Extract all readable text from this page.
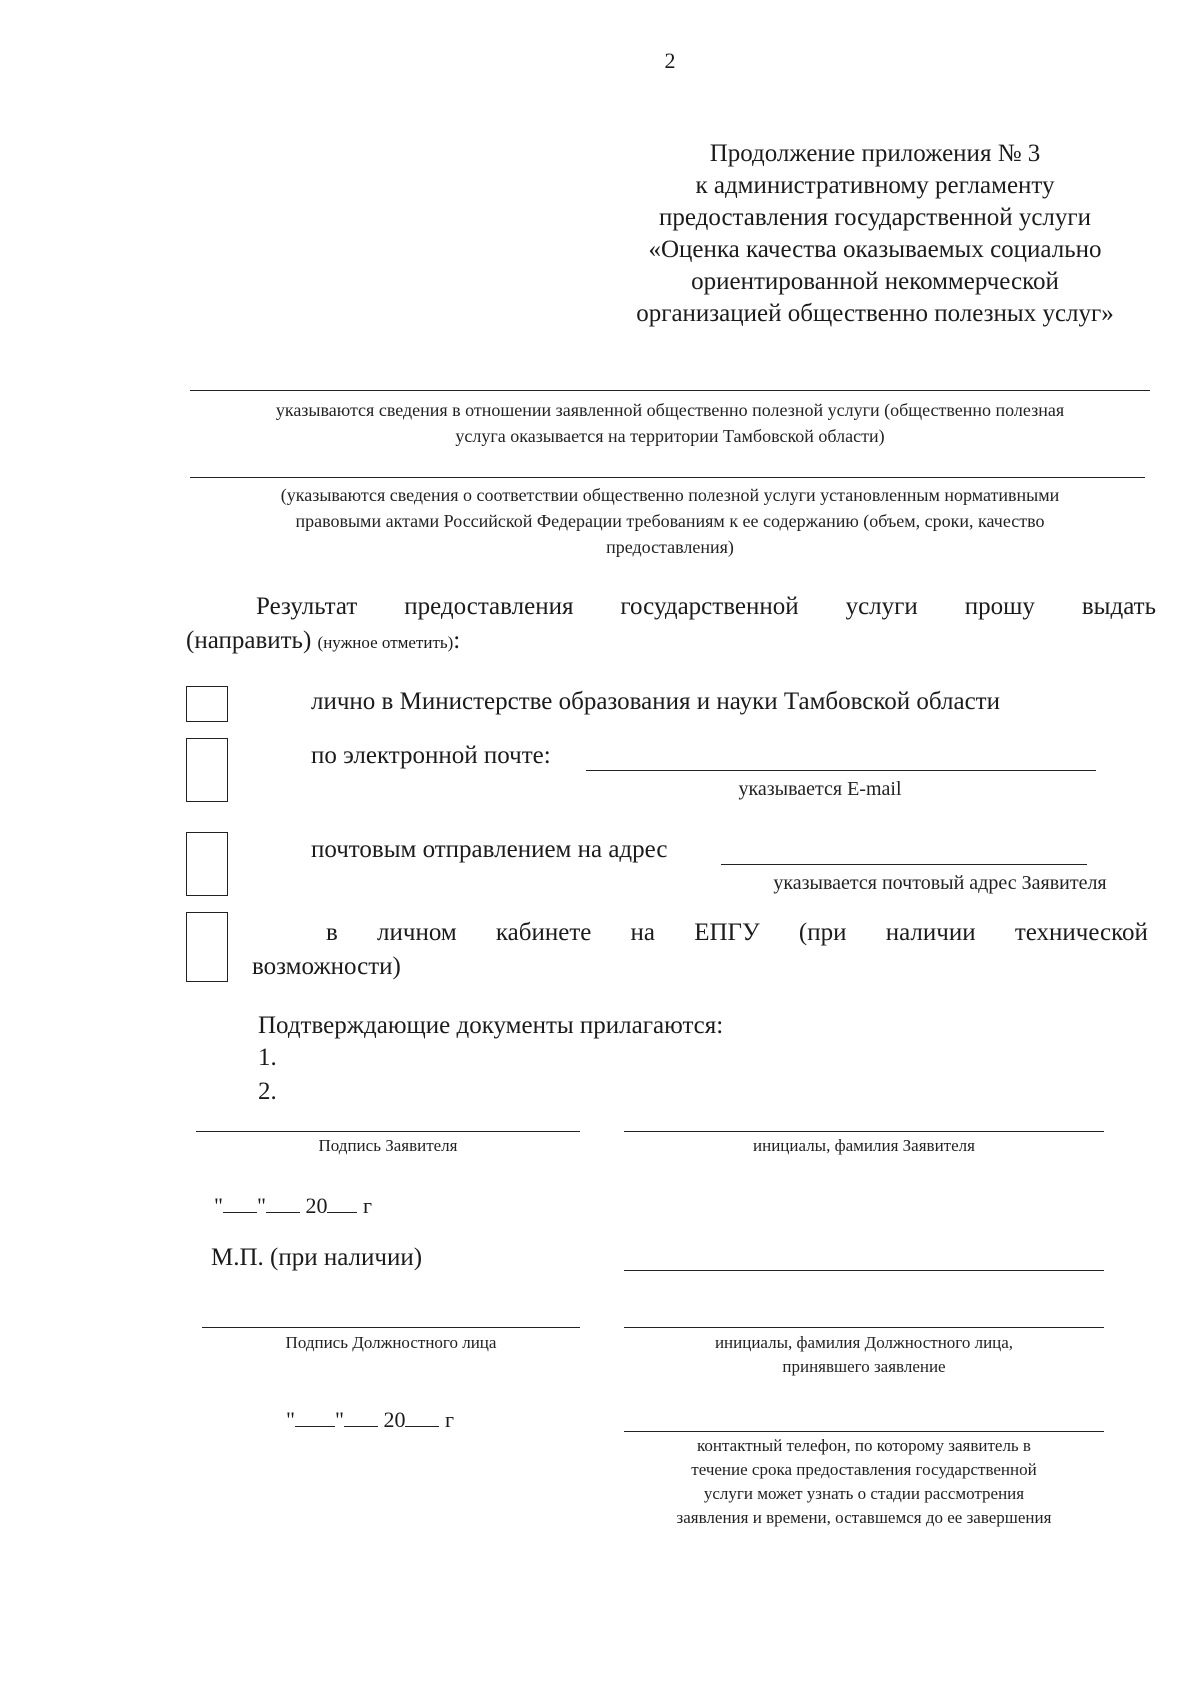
2
Продолжение приложения № 3
к административному регламенту
предоставления государственной услуги
«Оценка качества оказываемых социально
ориентированной некоммерческой
организацией общественно полезных услуг»
указываются сведения в отношении заявленной общественно полезной услуги (общественно полезная
услуга оказывается на территории Тамбовской области)
(указываются сведения о соответствии общественно полезной услуги установленным нормативными
правовыми актами Российской Федерации требованиям к ее содержанию (объем, сроки, качество
предоставления)
Результат предоставления государственной услуги прошу выдать
(направить) (нужное отметить):
лично в Министерстве образования и науки Тамбовской области
по электронной почте:
указывается E-mail
почтовым отправлением на адрес
указывается почтовый адрес Заявителя
в личном кабинете на ЕПГУ (при наличии технической
возможности)
Подтверждающие документы прилагаются:
1.
2.
Подпись Заявителя	инициалы, фамилия Заявителя
" " 20 г
М.П. (при наличии)
Подпись Должностного лица	инициалы, фамилия Должностного лица,
принявшего заявление
" " 20 г
контактный телефон, по которому заявитель в
течение срока предоставления государственной
услуги может узнать о стадии рассмотрения
заявления и времени, оставшемся до ее завершения
